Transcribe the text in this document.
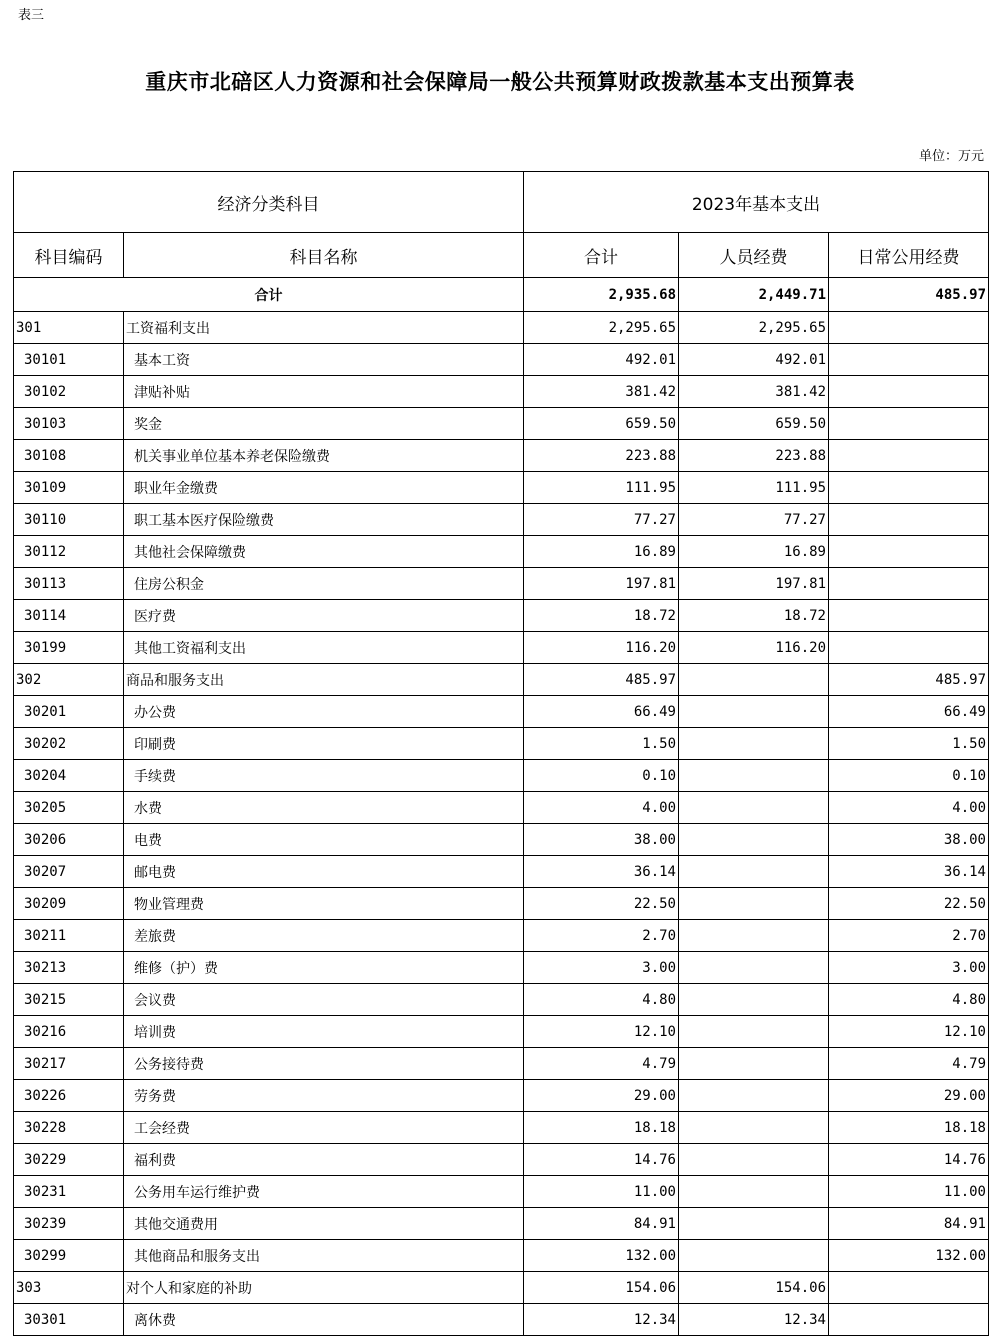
表三
重庆市北碚区人力资源和社会保障局一般公共预算财政拨款基本支出预算表
单位：万元
经济分类科目		2023年基本支出		
科目编码	科目名称	合计	人员经费	日常公用经费
合计		2,935.68	2,449.71	485.97
301	工资福利支出	2,295.65	2,295.65	
30101	基本工资	492.01	492.01	
30102	津贴补贴	381.42	381.42	
30103	奖金	659.50	659.50	
30108	机关事业单位基本养老保险缴费	223.88	223.88	
30109	职业年金缴费	111.95	111.95	
30110	职工基本医疗保险缴费	77.27	77.27	
30112	其他社会保障缴费	16.89	16.89	
30113	住房公积金	197.81	197.81	
30114	医疗费	18.72	18.72	
30199	其他工资福利支出	116.20	116.20	
302	商品和服务支出	485.97		485.97
30201	办公费	66.49		66.49
30202	印刷费	1.50		1.50
30204	手续费	0.10		0.10
30205	水费	4.00		4.00
30206	电费	38.00		38.00
30207	邮电费	36.14		36.14
30209	物业管理费	22.50		22.50
30211	差旅费	2.70		2.70
30213	维修（护）费	3.00		3.00
30215	会议费	4.80		4.80
30216	培训费	12.10		12.10
30217	公务接待费	4.79		4.79
30226	劳务费	29.00		29.00
30228	工会经费	18.18		18.18
30229	福利费	14.76		14.76
30231	公务用车运行维护费	11.00		11.00
30239	其他交通费用	84.91		84.91
30299	其他商品和服务支出	132.00		132.00
303	对个人和家庭的补助	154.06	154.06	
30301	离休费	12.34	12.34	
